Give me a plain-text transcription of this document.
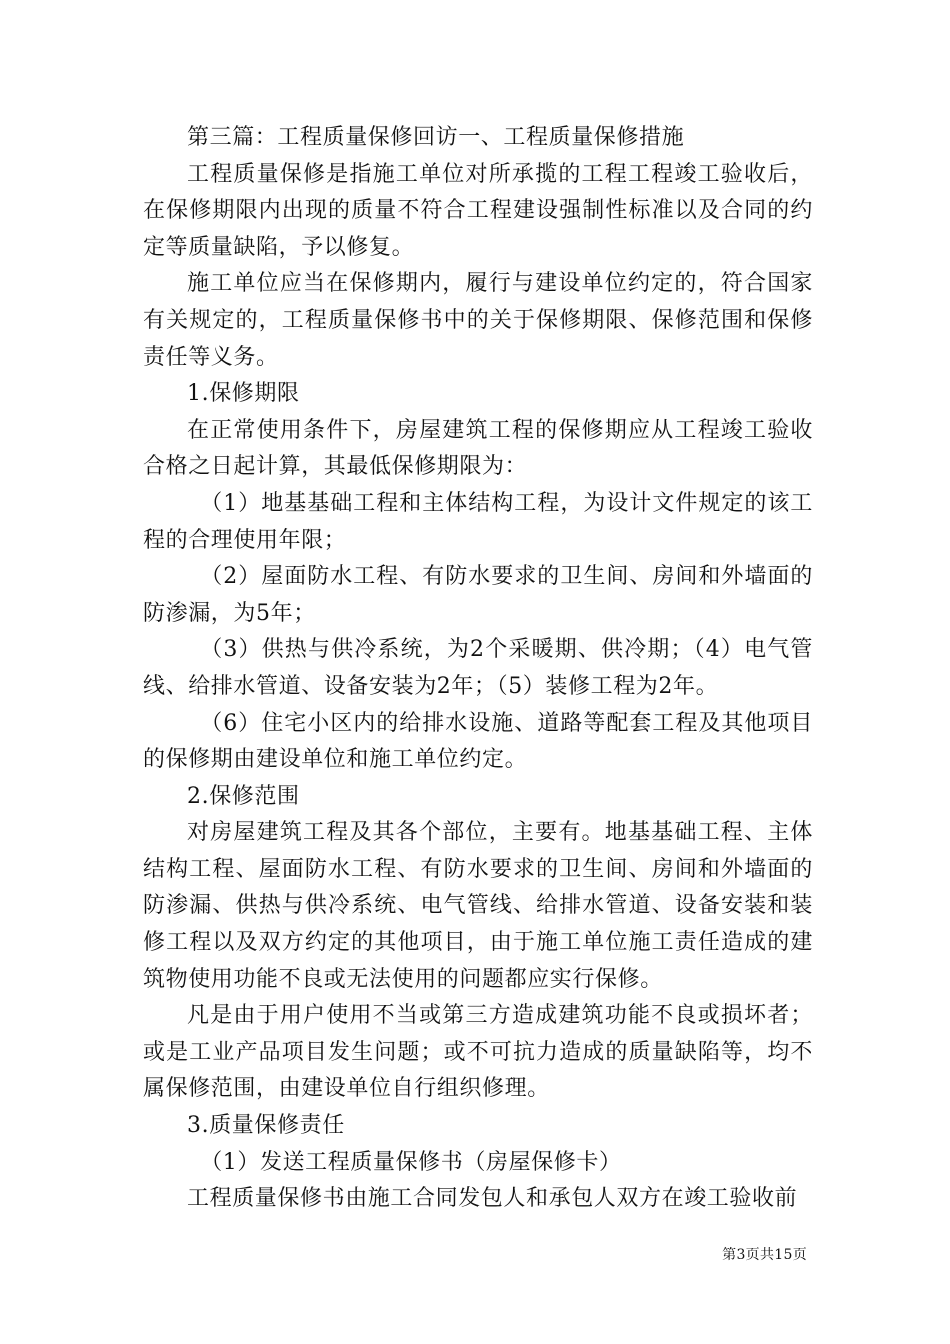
第三篇：工程质量保修回访一、工程质量保修措施

工程质量保修是指施工单位对所承揽的工程工程竣工验收后，在保修期限内出现的质量不符合工程建设强制性标准以及合同的约定等质量缺陷，予以修复。

施工单位应当在保修期内，履行与建设单位约定的，符合国家有关规定的，工程质量保修书中的关于保修期限、保修范围和保修责任等义务。

1.保修期限

在正常使用条件下，房屋建筑工程的保修期应从工程竣工验收合格之日起计算，其最低保修期限为：

（1）地基基础工程和主体结构工程，为设计文件规定的该工程的合理使用年限；

（2）屋面防水工程、有防水要求的卫生间、房间和外墙面的防渗漏，为5年；

（3）供热与供冷系统，为2个采暖期、供冷期；（4）电气管线、给排水管道、设备安装为2年；（5）装修工程为2年。

（6）住宅小区内的给排水设施、道路等配套工程及其他项目的保修期由建设单位和施工单位约定。

2.保修范围

对房屋建筑工程及其各个部位，主要有。地基基础工程、主体结构工程、屋面防水工程、有防水要求的卫生间、房间和外墙面的防渗漏、供热与供冷系统、电气管线、给排水管道、设备安装和装修工程以及双方约定的其他项目，由于施工单位施工责任造成的建筑物使用功能不良或无法使用的问题都应实行保修。

凡是由于用户使用不当或第三方造成建筑功能不良或损坏者；或是工业产品项目发生问题；或不可抗力造成的质量缺陷等，均不属保修范围，由建设单位自行组织修理。

3.质量保修责任

（1）发送工程质量保修书（房屋保修卡）

工程质量保修书由施工合同发包人和承包人双方在竣工验收前

第3页共15页
